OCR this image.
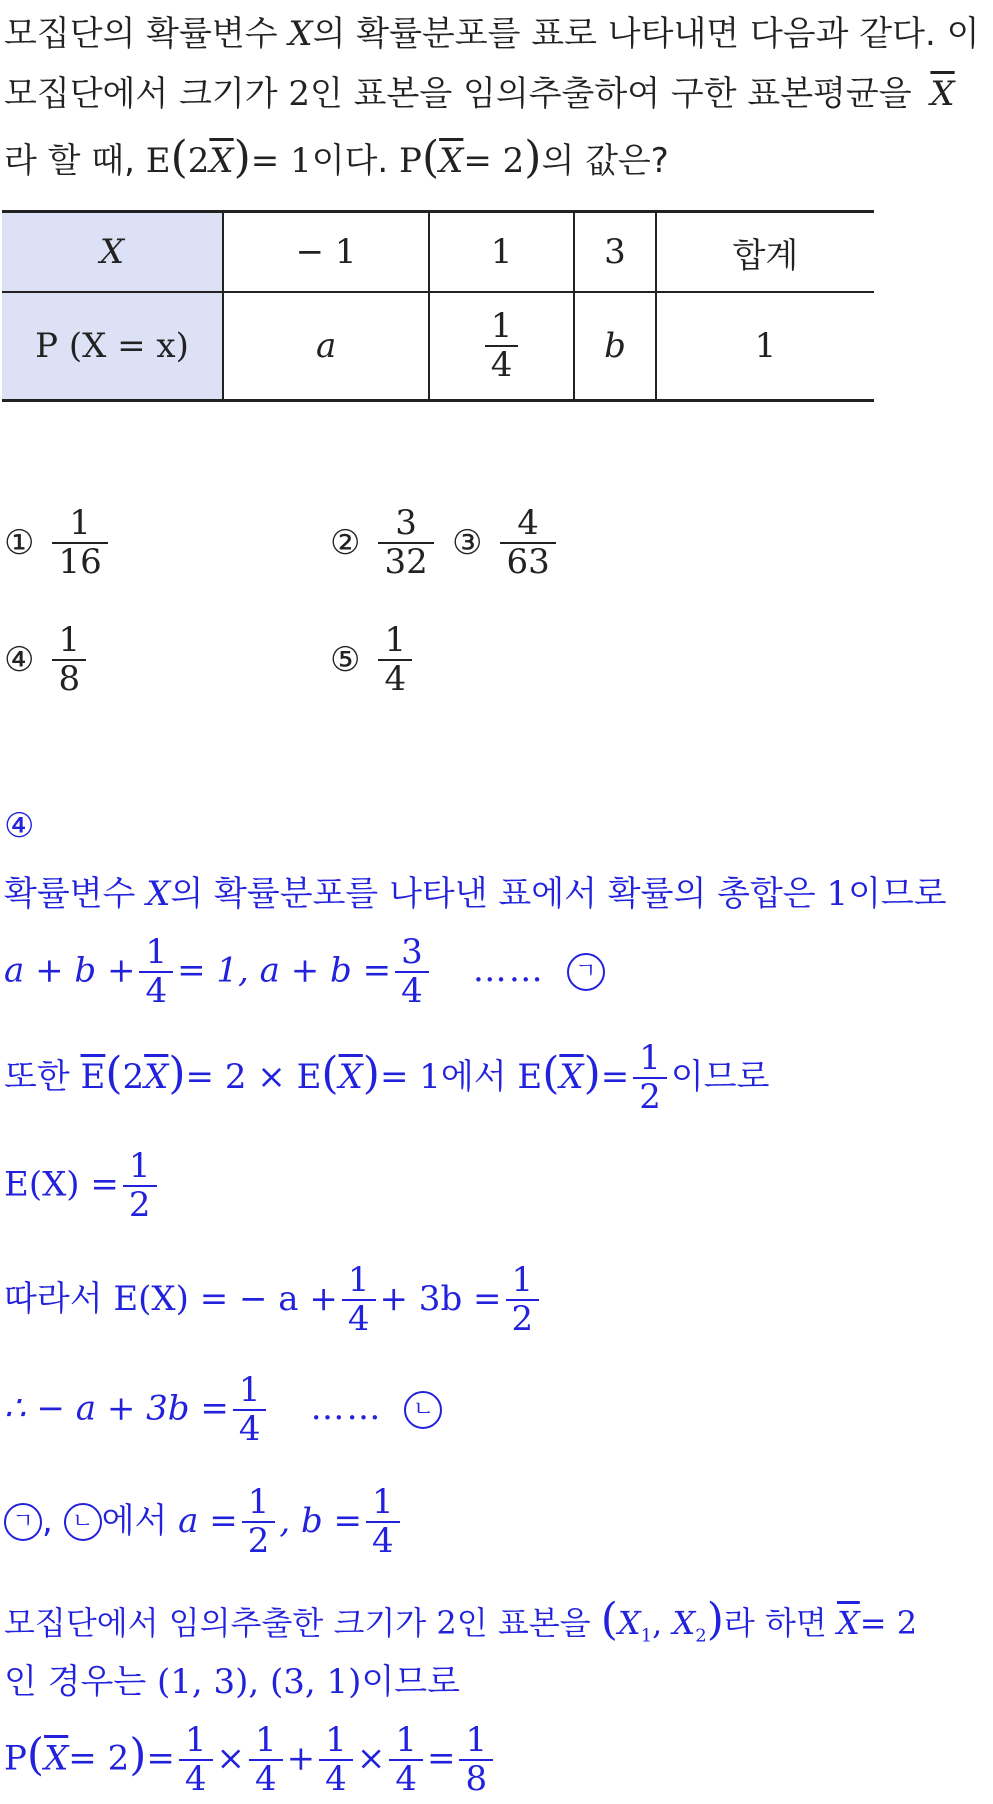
모집단의 확률변수 X의 확률분포를 표로 나타내면 다음과 같다. 이
모집단에서 크기가 2인 표본을 임의추출하여 구한 표본평균을 $\overline{X}$
라 할 때, $E(2\overline{X})= 1$이다. $P(\overline{X}= 2)$의 값은?
X	− 1	1	3	합계
P (X = x)	a	$\frac{1}{4}$	b	1
① $\frac{1}{16}$	② $\frac{3}{32}$ ③ $\frac{4}{63}$
④ $\frac{1}{8}$	⑤ $\frac{1}{4}$
④
확률변수 X의 확률분포를 나타낸 표에서 확률의 총합은 1이므로
$a + b + \frac{1}{4} = 1$, $a + b = \frac{3}{4}$ …… ㄱ
또한 $\overline{E}(2\overline{X})= 2 \times E(\overline{X})= 1$에서 $E(\overline{X})= \frac{1}{2}$ 이므로
$E(X) = \frac{1}{2}$
따라서 E(X) = − $a + \frac{1}{4} + 3b = \frac{1}{2}$
∴ − $a + 3b = \frac{1}{4}$ …… ㄴ
ㄱ , ㄴ 에서 $a = \frac{1}{2}$ , $b = \frac{1}{4}$
모집단에서 임의추출한 크기가 2인 표본을 ($X_1$, $X_2$)라 하면 $\overline{X}= 2$
인 경우는 (1, 3), (3, 1)이므로
$P(\overline{X}= 2)= \frac{1}{4} \times \frac{1}{4} + \frac{1}{4} \times \frac{1}{4} = \frac{1}{8}$
